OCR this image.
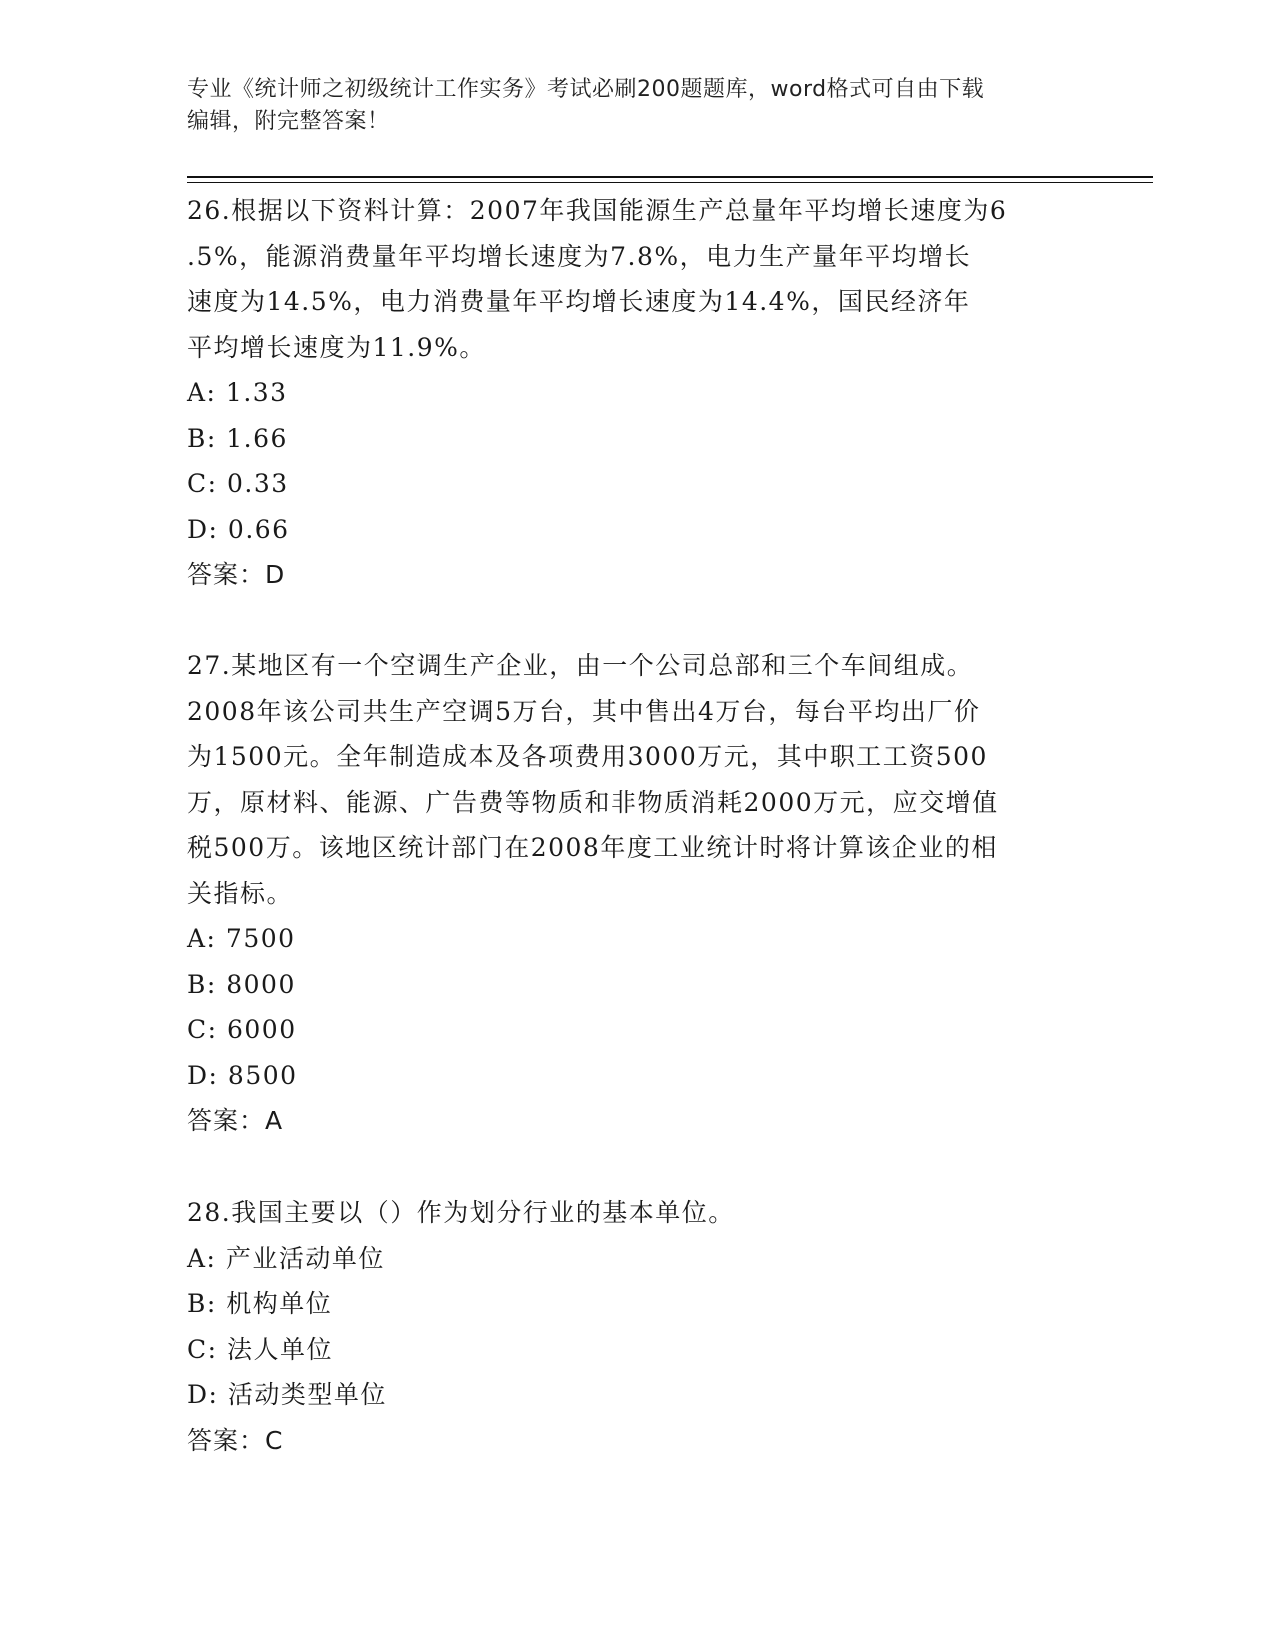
专业《统计师之初级统计工作实务》考试必刷200题题库，word格式可自由下载
编辑，附完整答案！
26.根据以下资料计算：2007年我国能源生产总量年平均增长速度为6
.5%，能源消费量年平均增长速度为7.8%，电力生产量年平均增长
速度为14.5%，电力消费量年平均增长速度为14.4%，国民经济年
平均增长速度为11.9%。
A: 1.33
B: 1.66
C: 0.33
D: 0.66
答案：D
27.某地区有一个空调生产企业，由一个公司总部和三个车间组成。
2008年该公司共生产空调5万台，其中售出4万台，每台平均出厂价
为1500元。全年制造成本及各项费用3000万元，其中职工工资500
万，原材料、能源、广告费等物质和非物质消耗2000万元，应交增值
税500万。该地区统计部门在2008年度工业统计时将计算该企业的相
关指标。
A: 7500
B: 8000
C: 6000
D: 8500
答案：A
28.我国主要以（）作为划分行业的基本单位。
A: 产业活动单位
B: 机构单位
C: 法人单位
D: 活动类型单位
答案：C
